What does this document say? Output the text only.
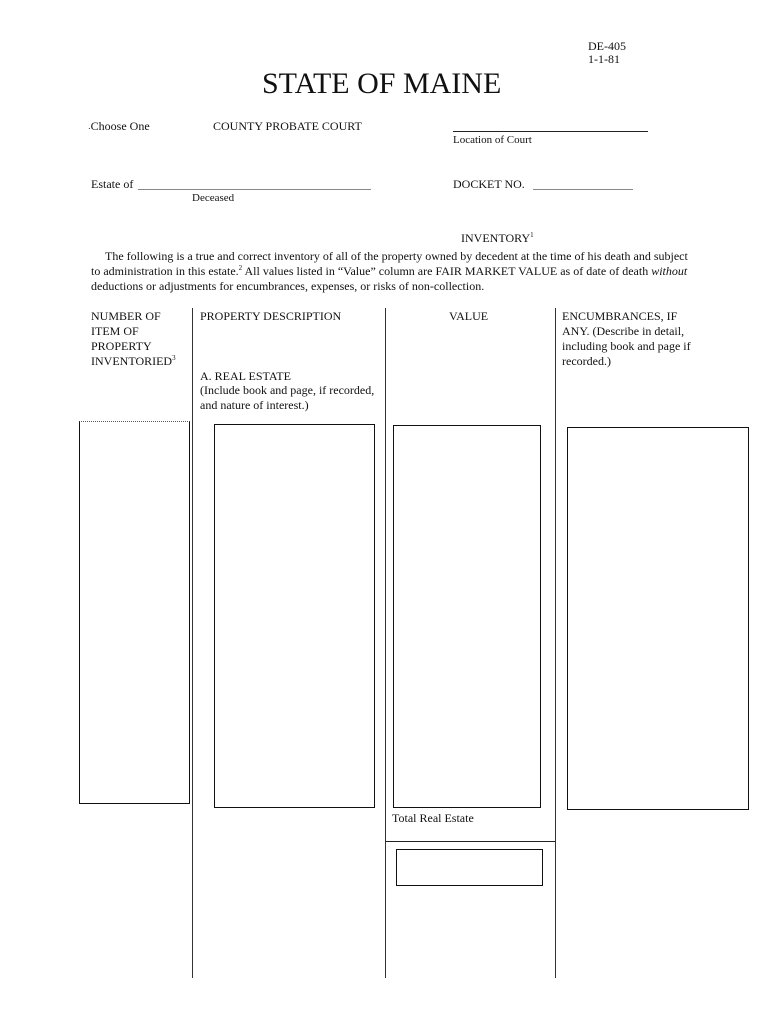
DE-405
1-1-81
STATE OF MAINE
․Choose One	COUNTY PROBATE COURT
Location of Court
Estate of
Deceased
DOCKET NO.
INVENTORY$^1$
The following is a true and correct inventory of all of the property owned by decedent at the time of his death and subject to administration in this estate.$^2$ All values listed in “Value” column are FAIR MARKET VALUE as of date of death without deductions or adjustments for encumbrances, expenses, or risks of non-collection.
NUMBER OF ITEM OF PROPERTY INVENTORIED$^3$
PROPERTY DESCRIPTION	VALUE	ENCUMBRANCES, IF ANY. (Describe in detail, including book and page if recorded.)
A. REAL ESTATE
(Include book and page, if recorded, and nature of interest.)
Total Real Estate
